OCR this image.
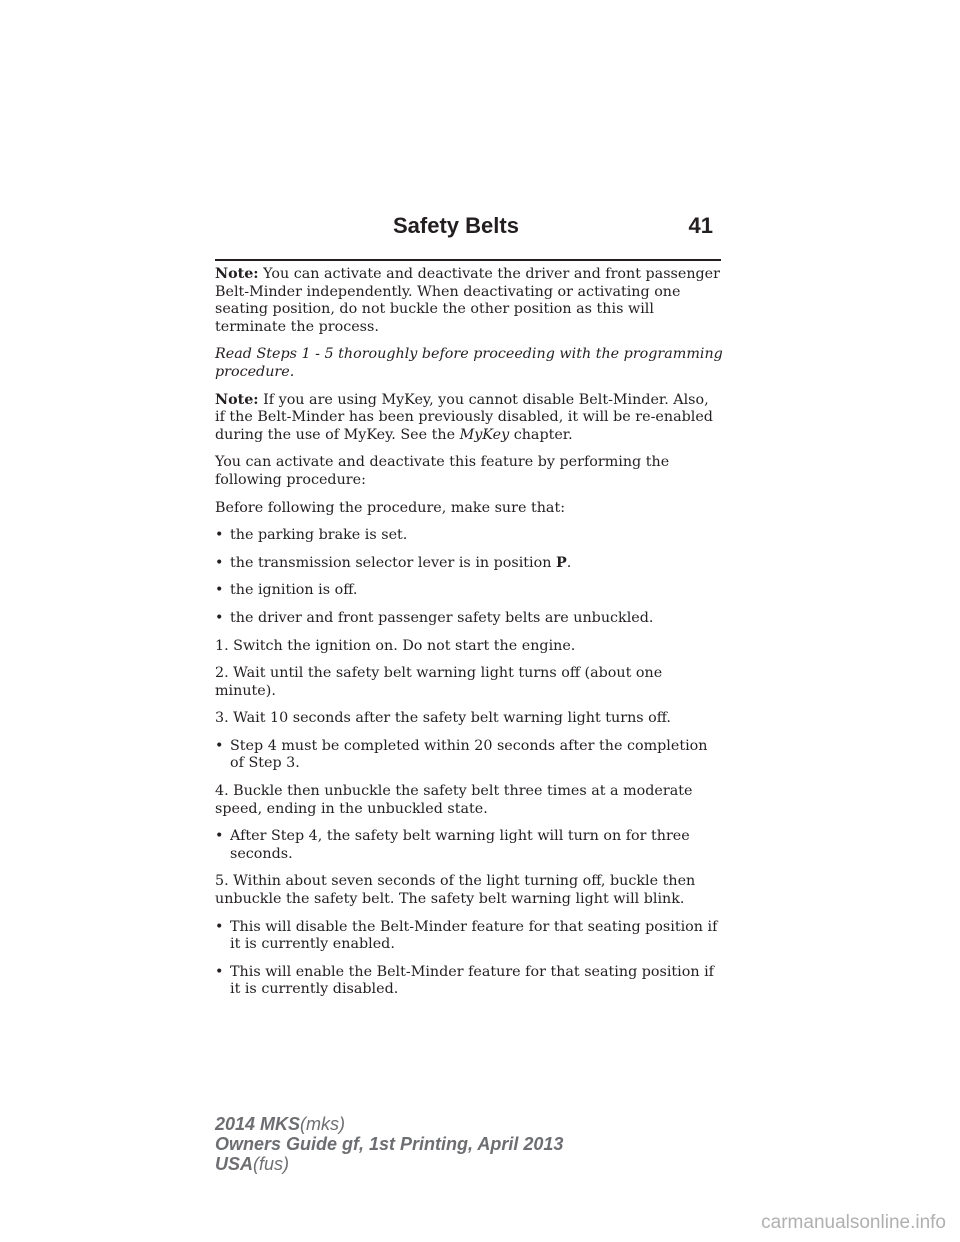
Safety Belts	41

Note: You can activate and deactivate the driver and front passenger Belt-Minder independently. When deactivating or activating one seating position, do not buckle the other position as this will terminate the process.

Read Steps 1 - 5 thoroughly before proceeding with the programming procedure.

Note: If you are using MyKey, you cannot disable Belt-Minder. Also, if the Belt-Minder has been previously disabled, it will be re-enabled during the use of MyKey. See the MyKey chapter.

You can activate and deactivate this feature by performing the following procedure:

Before following the procedure, make sure that:

• the parking brake is set.
• the transmission selector lever is in position P.
• the ignition is off.
• the driver and front passenger safety belts are unbuckled.

1. Switch the ignition on. Do not start the engine.

2. Wait until the safety belt warning light turns off (about one minute).

3. Wait 10 seconds after the safety belt warning light turns off.

• Step 4 must be completed within 20 seconds after the completion of Step 3.

4. Buckle then unbuckle the safety belt three times at a moderate speed, ending in the unbuckled state.

• After Step 4, the safety belt warning light will turn on for three seconds.

5. Within about seven seconds of the light turning off, buckle then unbuckle the safety belt. The safety belt warning light will blink.

• This will disable the Belt-Minder feature for that seating position if it is currently enabled.
• This will enable the Belt-Minder feature for that seating position if it is currently disabled.
2014 MKS(mks)
Owners Guide gf, 1st Printing, April 2013
USA(fus)
carmanualsonline.info
